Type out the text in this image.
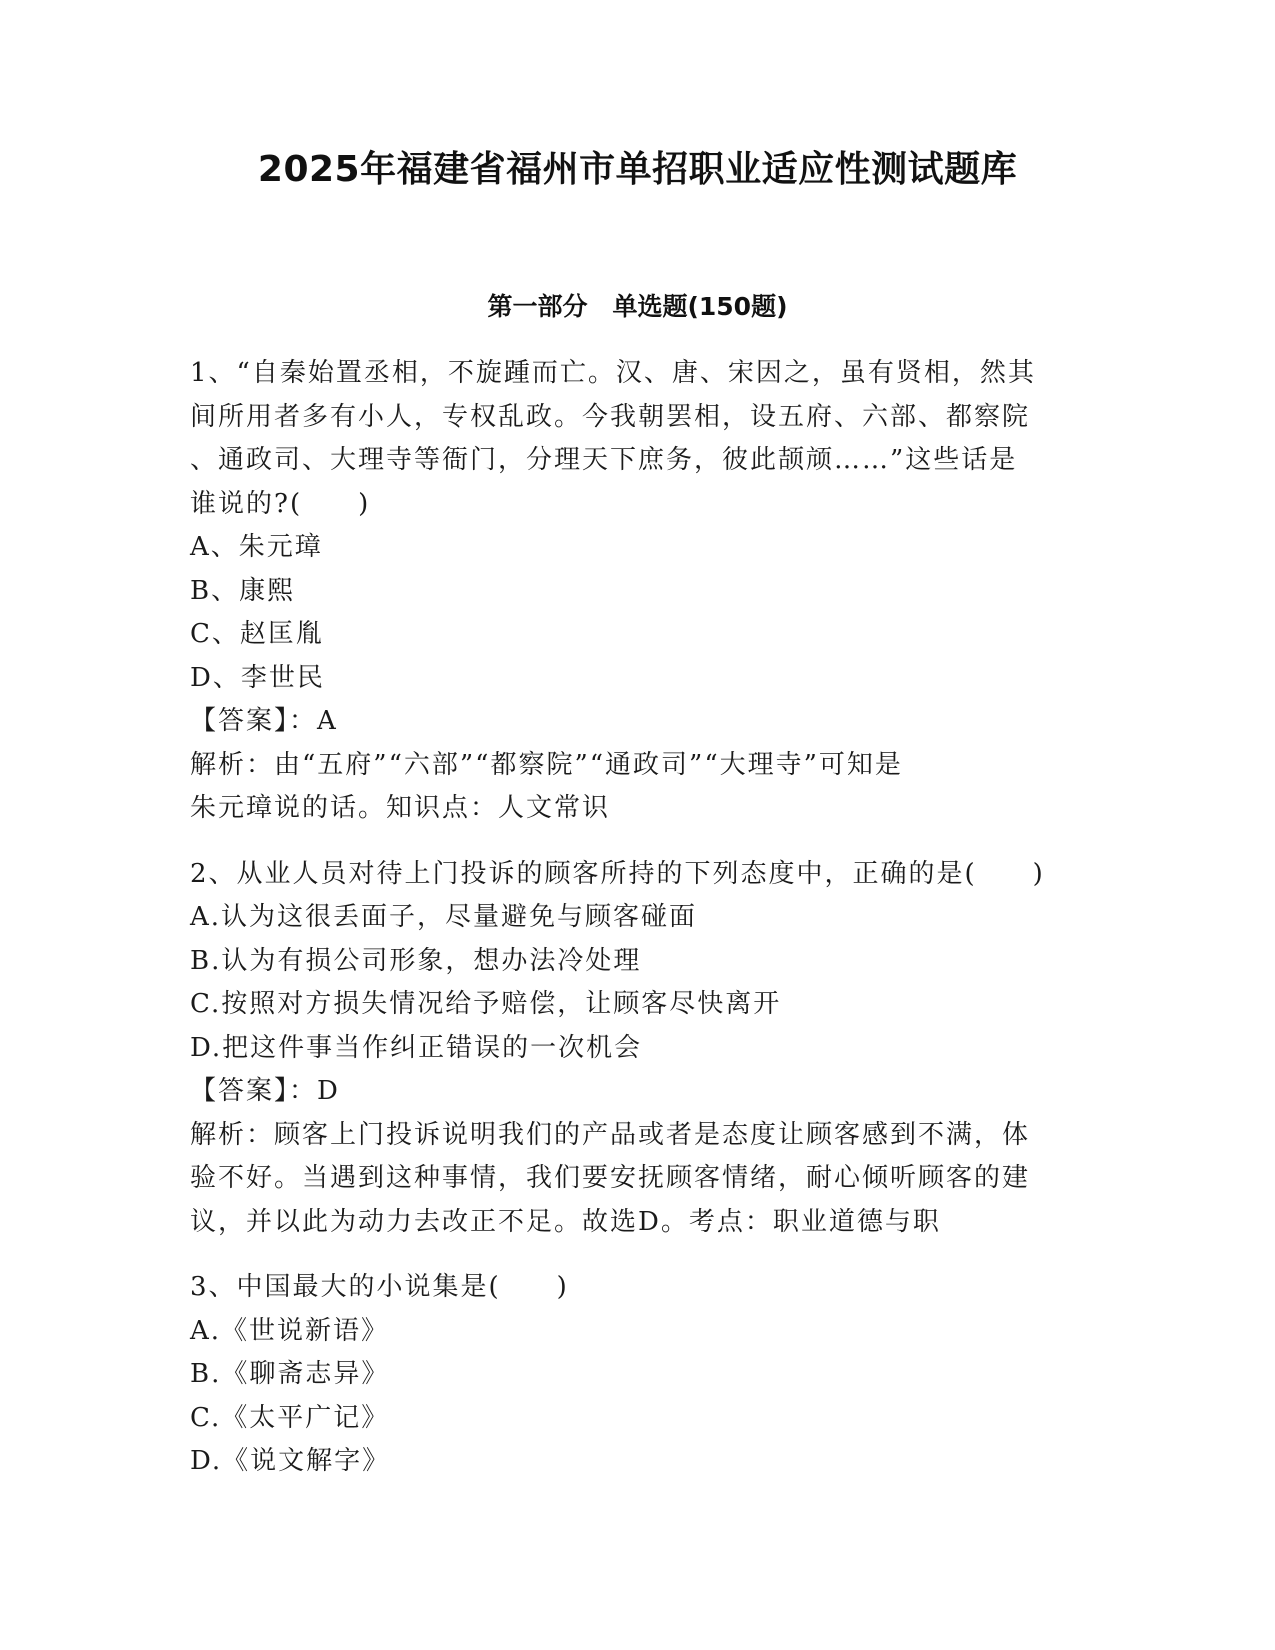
2025年福建省福州市单招职业适应性测试题库
第一部分　单选题(150题)
1、“自秦始置丞相，不旋踵而亡。汉、唐、宋因之，虽有贤相，然其
间所用者多有小人，专权乱政。今我朝罢相，设五府、六部、都察院
、通政司、大理寺等衙门，分理天下庶务，彼此颉颃……”这些话是
谁说的?(　　)
A、朱元璋
B、康熙
C、赵匡胤
D、李世民
【答案】：A
解析：由“五府”“六部”“都察院”“通政司”“大理寺”可知是
朱元璋说的话。知识点：人文常识
2、从业人员对待上门投诉的顾客所持的下列态度中，正确的是(　　)
A.认为这很丢面子，尽量避免与顾客碰面
B.认为有损公司形象，想办法冷处理
C.按照对方损失情况给予赔偿，让顾客尽快离开
D.把这件事当作纠正错误的一次机会
【答案】：D
解析：顾客上门投诉说明我们的产品或者是态度让顾客感到不满，体
验不好。当遇到这种事情，我们要安抚顾客情绪，耐心倾听顾客的建
议，并以此为动力去改正不足。故选D。考点：职业道德与职
3、中国最大的小说集是(　　)
A.《世说新语》
B.《聊斋志异》
C.《太平广记》
D.《说文解字》
